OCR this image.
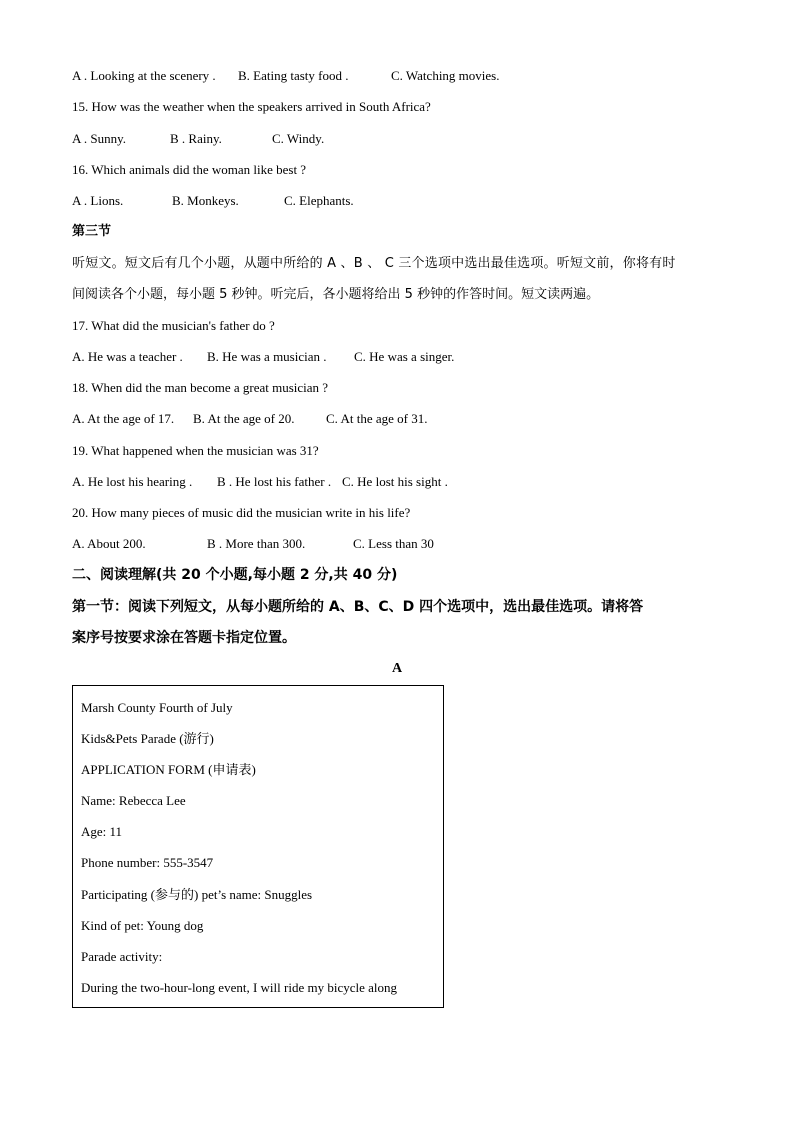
A . Looking at the scenery . B. Eating tasty food .	C. Watching movies.
15. How was the weather when the speakers arrived in South Africa?
A . Sunny.	B . Rainy.	C. Windy.
16. Which animals did the woman like best ?
A . Lions.	B. Monkeys.	C. Elephants.
第三节
听短文。短文后有几个小题，从题中所给的 A 、B 、 C 三个选项中选出最佳选项。听短文前，你将有时
间阅读各个小题，每小题 5 秒钟。听完后，各小题将给出 5 秒钟的作答时间。短文读两遍。
17. What did the musician's father do ?
A. He was a teacher . B. He was a musician . C. He was a singer.
18. When did the man become a great musician ?
A. At the age of 17. B. At the age of 20. C. At the age of 31.
19. What happened when the musician was 31?
A. He lost his hearing . B . He lost his father . C. He lost his sight .
20. How many pieces of music did the musician write in his life?
A. About 200.	B . More than 300.	C. Less than 30
二、阅读理解(共 20 个小题,每小题 2 分,共 40 分)
第一节：阅读下列短文，从每小题所给的 A、B、C、D 四个选项中，选出最佳选项。请将答
案序号按要求涂在答题卡指定位置。
A
Marsh County Fourth of July
Kids&Pets Parade (游行)
APPLICATION FORM (申请表)
Name: Rebecca Lee
Age: 11
Phone number: 555-3547
Participating (参与的) pet’s name: Snuggles
Kind of pet: Young dog
Parade activity:
During the two-hour-long event, I will ride my bicycle along
